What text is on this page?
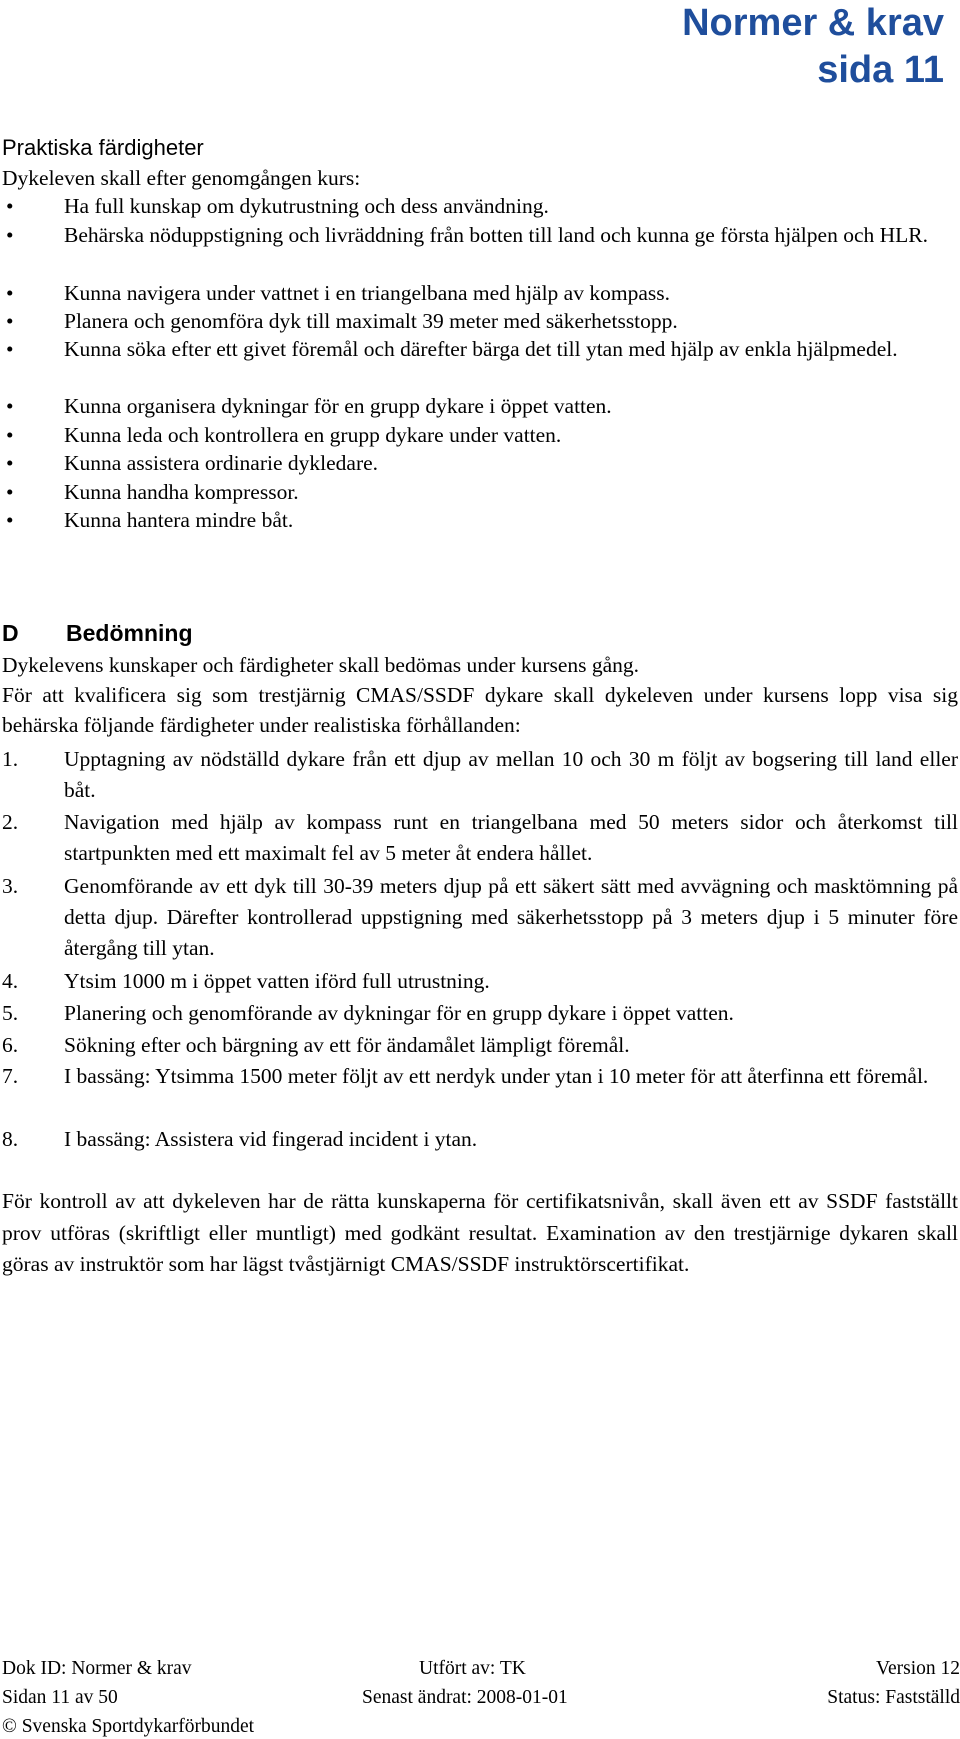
Normer & krav
sida 11
Praktiska färdigheter
Dykeleven skall efter genomgången kurs:
• Ha full kunskap om dykutrustning och dess användning.
• Behärska nöduppstigning och livräddning från botten till land och kunna ge första hjälpen och HLR.
• Kunna navigera under vattnet i en triangelbana med hjälp av kompass.
• Planera och genomföra dyk till maximalt 39 meter med säkerhetsstopp.
• Kunna söka efter ett givet föremål och därefter bärga det till ytan med hjälp av enkla hjälpmedel.
• Kunna organisera dykningar för en grupp dykare i öppet vatten.
• Kunna leda och kontrollera en grupp dykare under vatten.
• Kunna assistera ordinarie dykledare.
• Kunna handha kompressor.
• Kunna hantera mindre båt.
D Bedömning
Dykelevens kunskaper och färdigheter skall bedömas under kursens gång.
För att kvalificera sig som trestjärnig CMAS/SSDF dykare skall dykeleven under kursens lopp visa sig behärska följande färdigheter under realistiska förhållanden:
1. Upptagning av nödställd dykare från ett djup av mellan 10 och 30 m följt av bogsering till land eller båt.
2. Navigation med hjälp av kompass runt en triangelbana med 50 meters sidor och återkomst till startpunkten med ett maximalt fel av 5 meter åt endera hållet.
3. Genomförande av ett dyk till 30-39 meters djup på ett säkert sätt med avvägning och masktömning på detta djup. Därefter kontrollerad uppstigning med säkerhetsstopp på 3 meters djup i 5 minuter före återgång till ytan.
4. Ytsim 1000 m i öppet vatten iförd full utrustning.
5. Planering och genomförande av dykningar för en grupp dykare i öppet vatten.
6. Sökning efter och bärgning av ett för ändamålet lämpligt föremål.
7. I bassäng: Ytsimma 1500 meter följt av ett nerdyk under ytan i 10 meter för att återfinna ett föremål.
8. I bassäng: Assistera vid fingerad incident i ytan.
För kontroll av att dykeleven har de rätta kunskaperna för certifikatsnivån, skall även ett av SSDF fastställt prov utföras (skriftligt eller muntligt) med godkänt resultat. Examination av den trestjärnige dykaren skall göras av instruktör som har lägst tvåstjärnigt CMAS/SSDF instruktörscertifikat.
Dok ID: Normer & krav	Utfört av: TK	Version 12
Sidan 11 av 50	Senast ändrat: 2008-01-01	Status: Fastställd
© Svenska Sportdykarförbundet
